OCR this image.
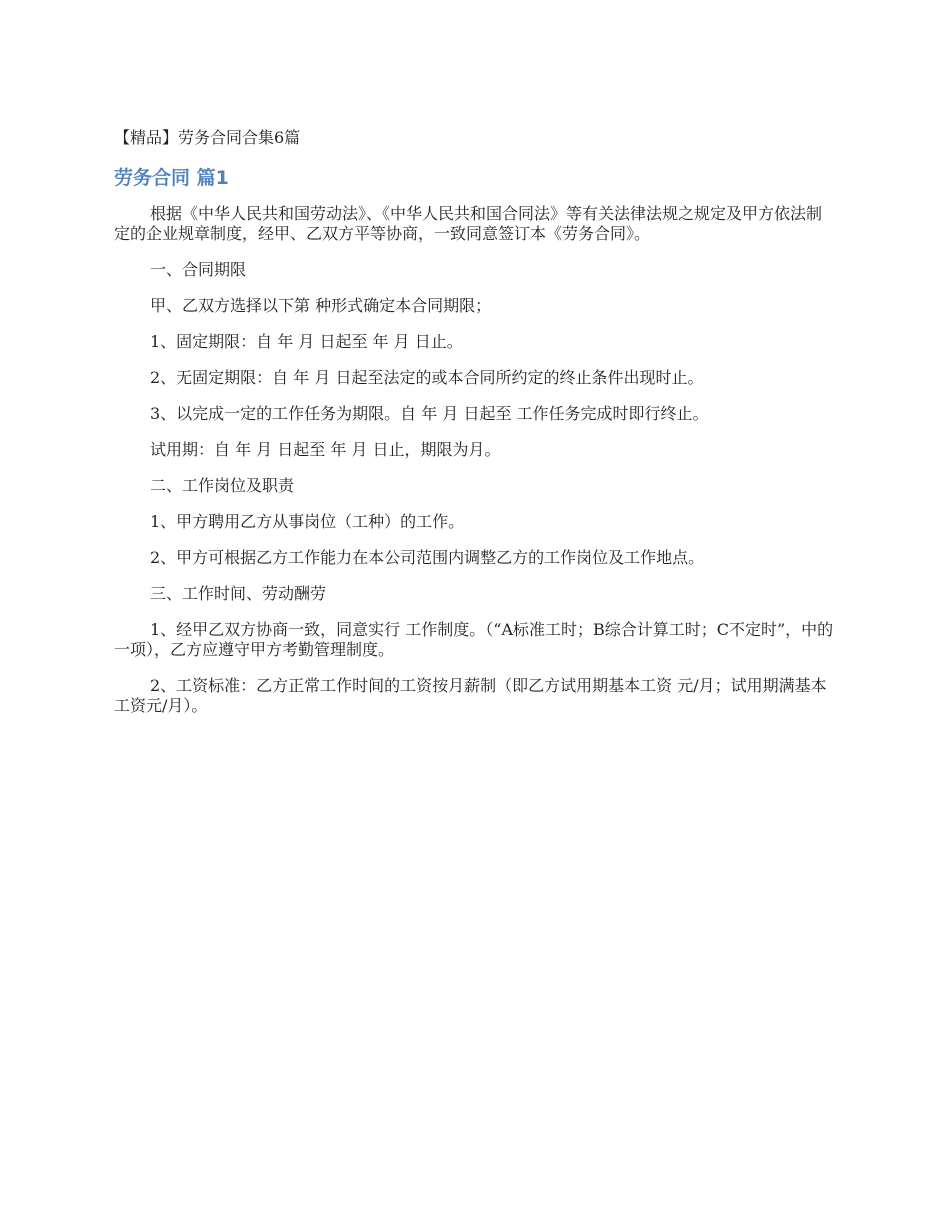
【精品】劳务合同合集6篇
劳务合同 篇1

根据《中华人民共和国劳动法》、《中华人民共和国合同法》等有关法律法规之规定及甲方依法制定的企业规章制度，经甲、乙双方平等协商，一致同意签订本《劳务合同》。

一、合同期限

甲、乙双方选择以下第 种形式确定本合同期限；

1、固定期限：自 年 月 日起至 年 月 日止。

2、无固定期限：自 年 月 日起至法定的或本合同所约定的终止条件出现时止。

3、以完成一定的工作任务为期限。自 年 月 日起至 工作任务完成时即行终止。

试用期：自 年 月 日起至 年 月 日止，期限为月。

二、工作岗位及职责

1、甲方聘用乙方从事岗位（工种）的工作。

2、甲方可根据乙方工作能力在本公司范围内调整乙方的工作岗位及工作地点。

三、工作时间、劳动酬劳

1、经甲乙双方协商一致，同意实行 工作制度。（“A标准工时；B综合计算工时；C不定时”，中的一项），乙方应遵守甲方考勤管理制度。

2、工资标准：乙方正常工作时间的工资按月薪制（即乙方试用期基本工资 元/月；试用期满基本工资元/月）。
